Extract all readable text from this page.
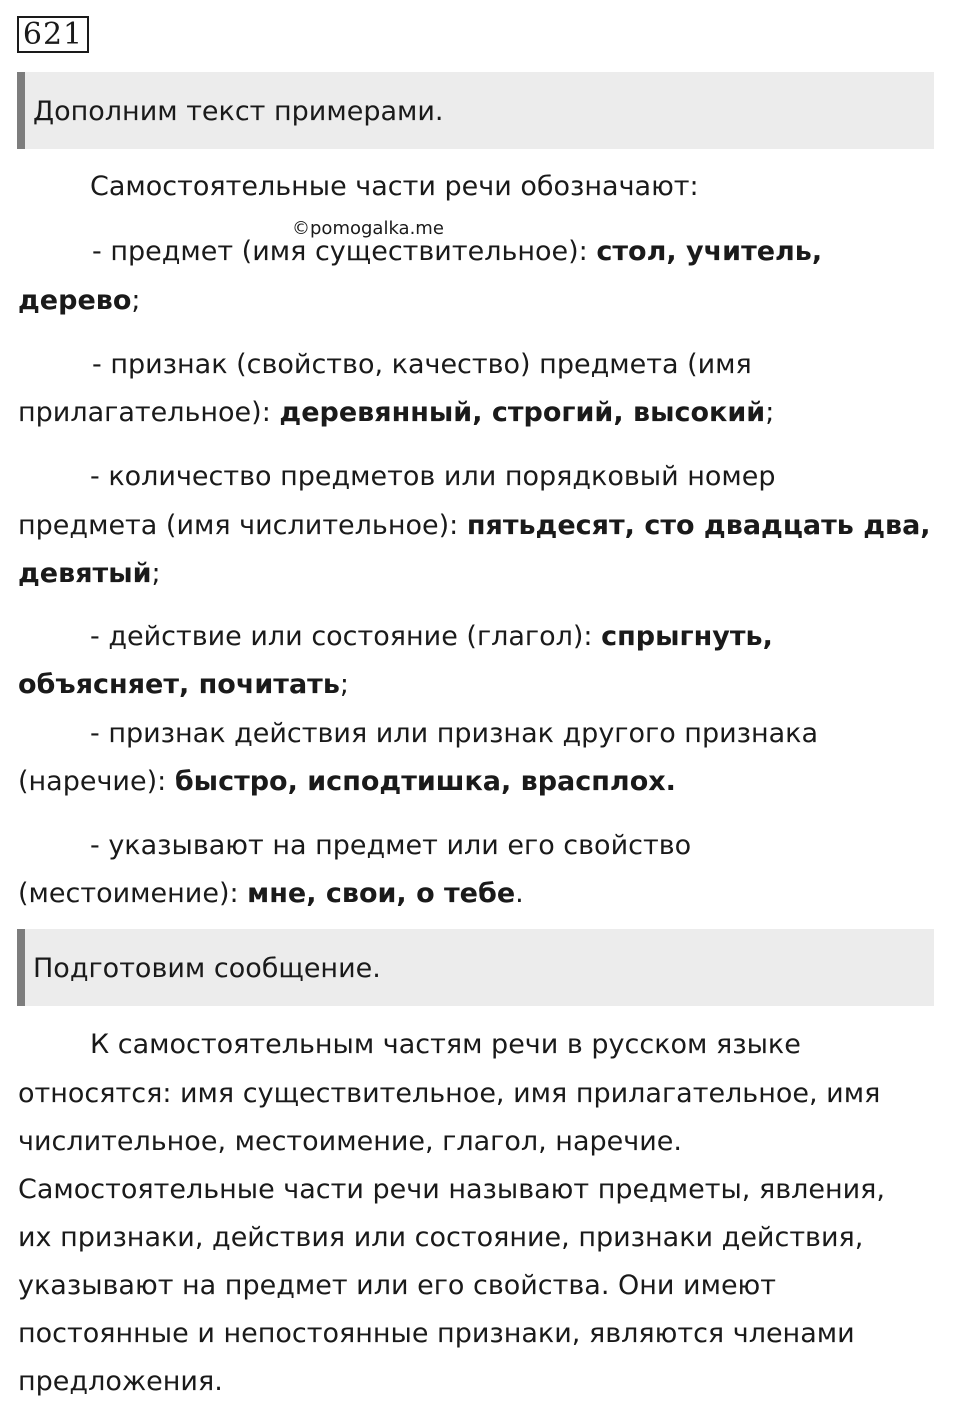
621
Дополним текст примерами.

Самостоятельные части речи обозначают:

©pomogalka.me

- предмет (имя существительное): стол, учитель,

дерево;

- признак (свойство, качество) предмета (имя

прилагательное): деревянный, строгий, высокий;

- количество предметов или порядковый номер

предмета (имя числительное): пятьдесят, сто двадцать два,

девятый;

- действие или состояние (глагол): спрыгнуть,

объясняет, почитать;

- признак действия или признак другого признака

(наречие): быстро, исподтишка, врасплох.

- указывают на предмет или его свойство

(местоимение): мне, свои, о тебе.

Подготовим сообщение.

К самостоятельным частям речи в русском языке

относятся: имя существительное, имя прилагательное, имя

числительное, местоимение, глагол, наречие.

Самостоятельные части речи называют предметы, явления,

их признаки, действия или состояние, признаки действия,

указывают на предмет или его свойства. Они имеют

постоянные и непостоянные признаки, являются членами

предложения.
